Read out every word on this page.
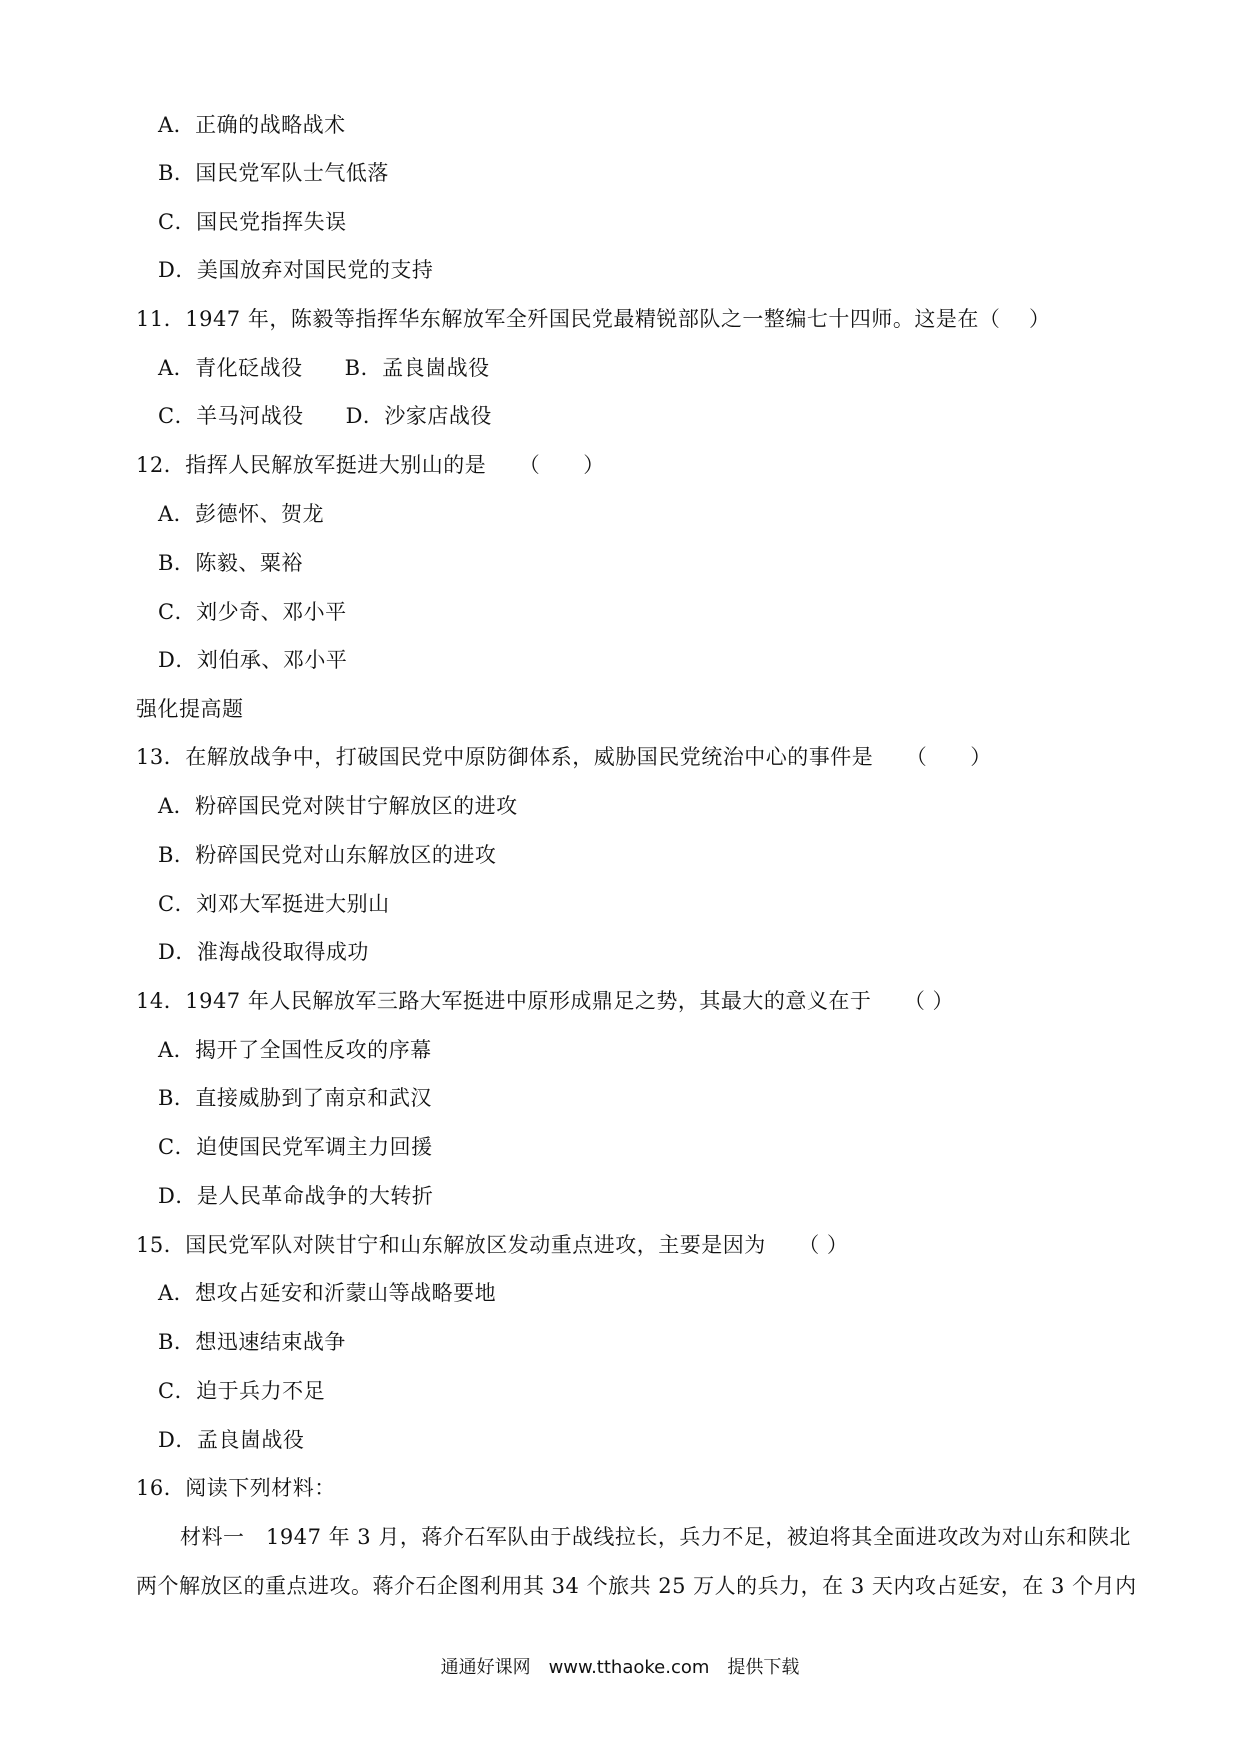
A．正确的战略战术
B．国民党军队士气低落
C．国民党指挥失误
D．美国放弃对国民党的支持
11．1947 年，陈毅等指挥华东解放军全歼国民党最精锐部队之一整编七十四师。这是在（　 ）
A．青化砭战役 B．孟良崮战役
C．羊马河战役 D．沙家店战役
12．指挥人民解放军挺进大别山的是　　（　　）
A．彭德怀、贺龙
B．陈毅、粟裕
C．刘少奇、邓小平
D．刘伯承、邓小平
强化提高题
13．在解放战争中，打破国民党中原防御体系，威胁国民党统治中心的事件是　　（　　）
A．粉碎国民党对陕甘宁解放区的进攻
B．粉碎国民党对山东解放区的进攻
C．刘邓大军挺进大别山
D．淮海战役取得成功
14．1947 年人民解放军三路大军挺进中原形成鼎足之势，其最大的意义在于　　（ ）
A．揭开了全国性反攻的序幕
B．直接威胁到了南京和武汉
C．迫使国民党军调主力回援
D．是人民革命战争的大转折
15．国民党军队对陕甘宁和山东解放区发动重点进攻，主要是因为　　（ ）
A．想攻占延安和沂蒙山等战略要地
B．想迅速结束战争
C．迫于兵力不足
D．孟良崮战役
16．阅读下列材料：
材料一　1947 年 3 月，蒋介石军队由于战线拉长，兵力不足，被迫将其全面进攻改为对山东和陕北
两个解放区的重点进攻。蒋介石企图利用其 34 个旅共 25 万人的兵力，在 3 天内攻占延安，在 3 个月内
通通好课网　www.tthaoke.com　提供下载
